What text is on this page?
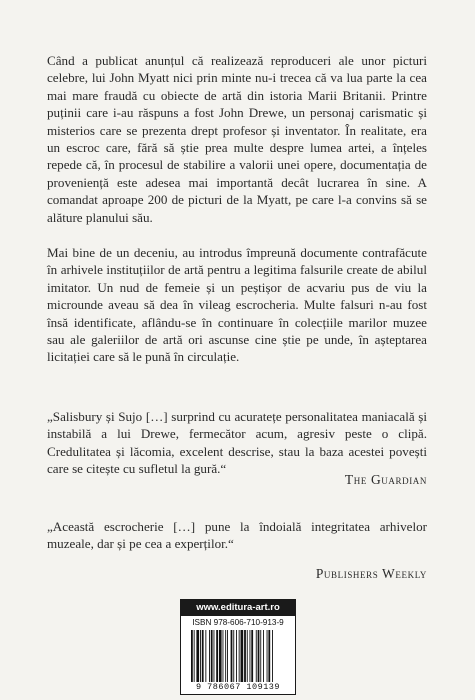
Când a publicat anunțul că realizează reproduceri ale unor picturi celebre, lui John Myatt nici prin minte nu-i trecea că va lua parte la cea mai mare fraudă cu obiecte de artă din istoria Marii Britanii. Printre puținii care i-au răspuns a fost John Drewe, un personaj carismatic și misterios care se prezenta drept profesor și inventator. În realitate, era un escroc care, fără să știe prea multe despre lumea artei, a înțeles repede că, în procesul de stabilire a valorii unei opere, documentația de proveniență este adesea mai importantă decât lucrarea în sine. A comandat aproape 200 de picturi de la Myatt, pe care l-a convins să se alăture planului său.

Mai bine de un deceniu, au introdus împreună documente contrafăcute în arhivele instituțiilor de artă pentru a legitima falsurile create de abilul imitator. Un nud de femeie și un peștișor de acvariu pus de viu la microunde aveau să dea în vileag escrocheria. Multe falsuri n-au fost însă identificate, aflându-se în continuare în colecțiile marilor muzee sau ale galeriilor de artă ori ascunse cine știe pe unde, în așteptarea licitației care să le pună în circulație.

„Salisbury și Sujo […] surprind cu acuratețe personalitatea maniacală și instabilă a lui Drewe, fermecător acum, agresiv peste o clipă. Credulitatea și lăcomia, excelent descrise, stau la baza acestei povești care se citește cu sufletul la gură.“

The Guardian

„Această escrocherie […] pune la îndoială integritatea arhivelor muzeale, dar și pe cea a experților.“

Publishers Weekly
www.editura-art.ro
ISBN 978-606-710-913-9
9 786067 109139
